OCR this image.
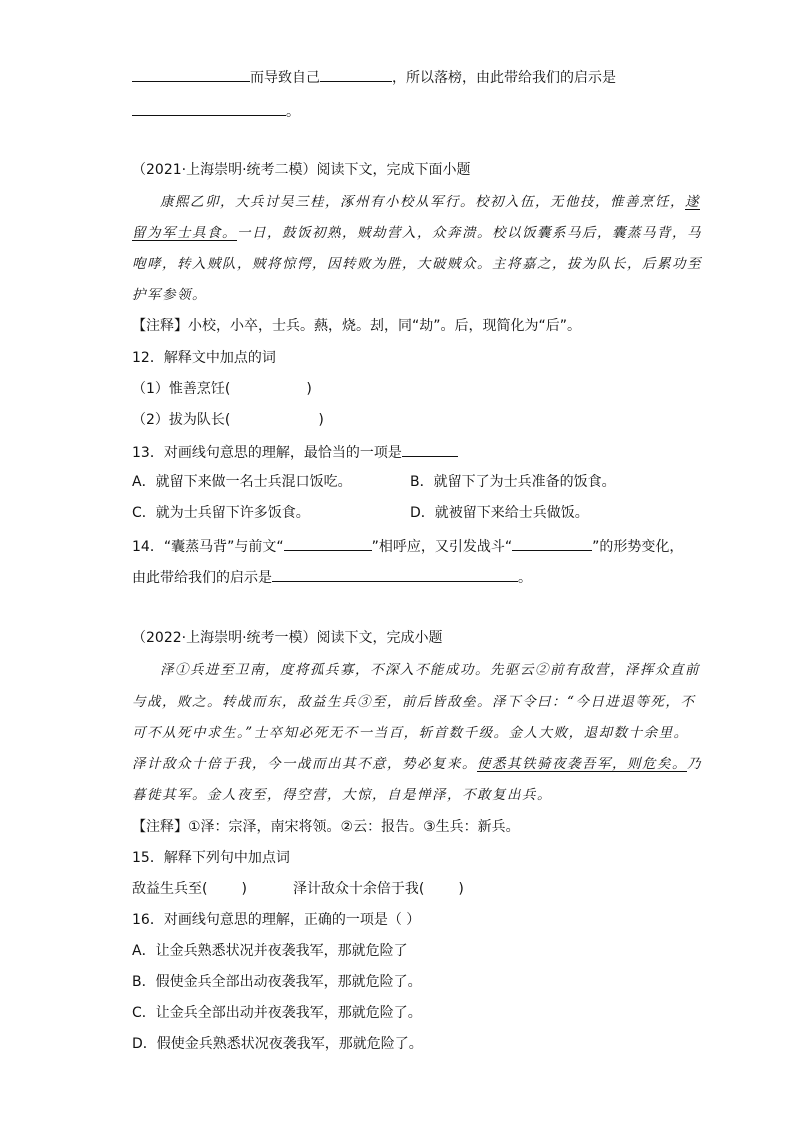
而导致自己	，所以落榜，由此带给我们的启示是
。
（2021·上海崇明·统考二模）阅读下文，完成下面小题
康熙乙卯，大兵讨吴三桂，涿州有小校从军行。校初入伍，无他技，惟善烹饪，遂
留为军士具食。一日，鼓饭初熟，贼劫营入，众奔溃。校以饭囊系马后，囊蒸马背，马
咆哮，转入贼队，贼将惊愕，因转败为胜，大破贼众。主将嘉之，拔为队长，后累功至
护军参领。
【注释】小校，小卒，士兵。爇，烧。刦，同“劫”。后，现简化为“后”。
12．解释文中加点的词
（1）惟善烹饪(	)
（2）拔为队长(	)
13．对画线句意思的理解，最恰当的一项是
A．就留下来做一名士兵混口饭吃。	B．就留下了为士兵准备的饭食。
C．就为士兵留下许多饭食。	D．就被留下来给士兵做饭。
14．“囊蒸马背”与前文“	”相呼应，又引发战斗“	”的形势变化，
由此带给我们的启示是	。
（2022·上海崇明·统考一模）阅读下文，完成小题
泽①兵进至卫南，度将孤兵寡，不深入不能成功。先驱云②前有敌营，泽挥众直前
与战，败之。转战而东，敌益生兵③至，前后皆敌垒。泽下令曰：“今日进退等死，不
可不从死中求生。”士卒知必死无不一当百，斩首数千级。金人大败，退却数十余里。
泽计敌众十倍于我，今一战而出其不意，势必复来。使悉其铁骑夜袭吾军，则危矣。乃
暮徙其军。金人夜至，得空营，大惊，自是惮泽，不敢复出兵。
【注释】①泽：宗泽，南宋将领。②云：报告。③生兵：新兵。
15．解释下列句中加点词
敌益生兵至( )	泽计敌众十余倍于我( )
16．对画线句意思的理解，正确的一项是（ ）
A．让金兵熟悉状况并夜袭我军，那就危险了
B．假使金兵全部出动夜袭我军，那就危险了。
C．让金兵全部出动并夜袭我军，那就危险了。
D．假使金兵熟悉状况夜袭我军，那就危险了。
